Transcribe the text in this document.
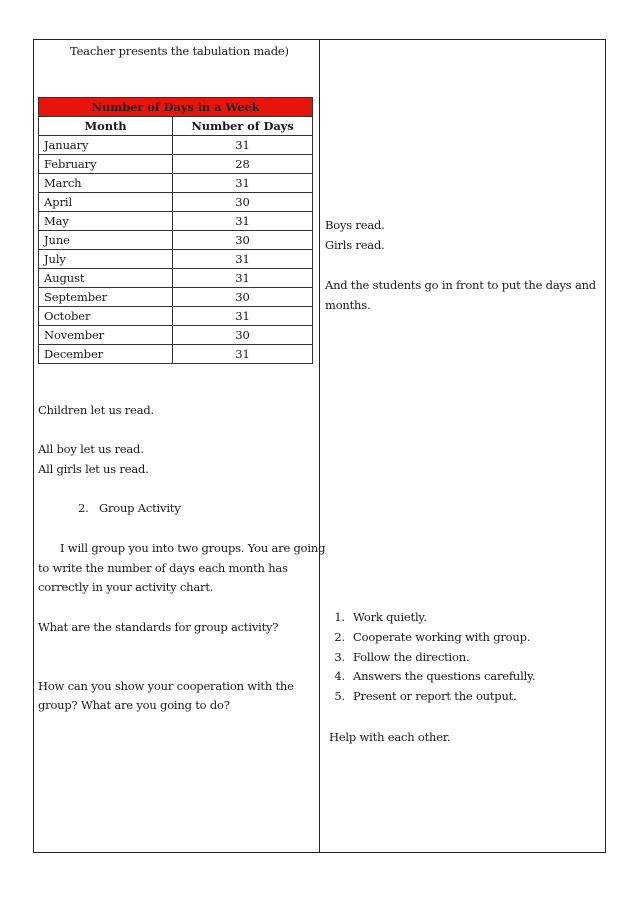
Teacher presents the tabulation made)
Number of Days in a Week	
Month	Number of Days
January	31
February	28
March	31
April	30
May	31
June	30
July	31
August	31
September	30
October	31
November	30
December	31
Children let us read.
All boy let us read.
All girls let us read.
2. Group Activity
I will group you into two groups. You are going
to write the number of days each month has
correctly in your activity chart.
What are the standards for group activity?
How can you show your cooperation with the
group? What are you going to do?
Boys read.
Girls read.
And the students go in front to put the days and
months.
1. Work quietly.
2. Cooperate working with group.
3. Follow the direction.
4. Answers the questions carefully.
5. Present or report the output.
Help with each other.
